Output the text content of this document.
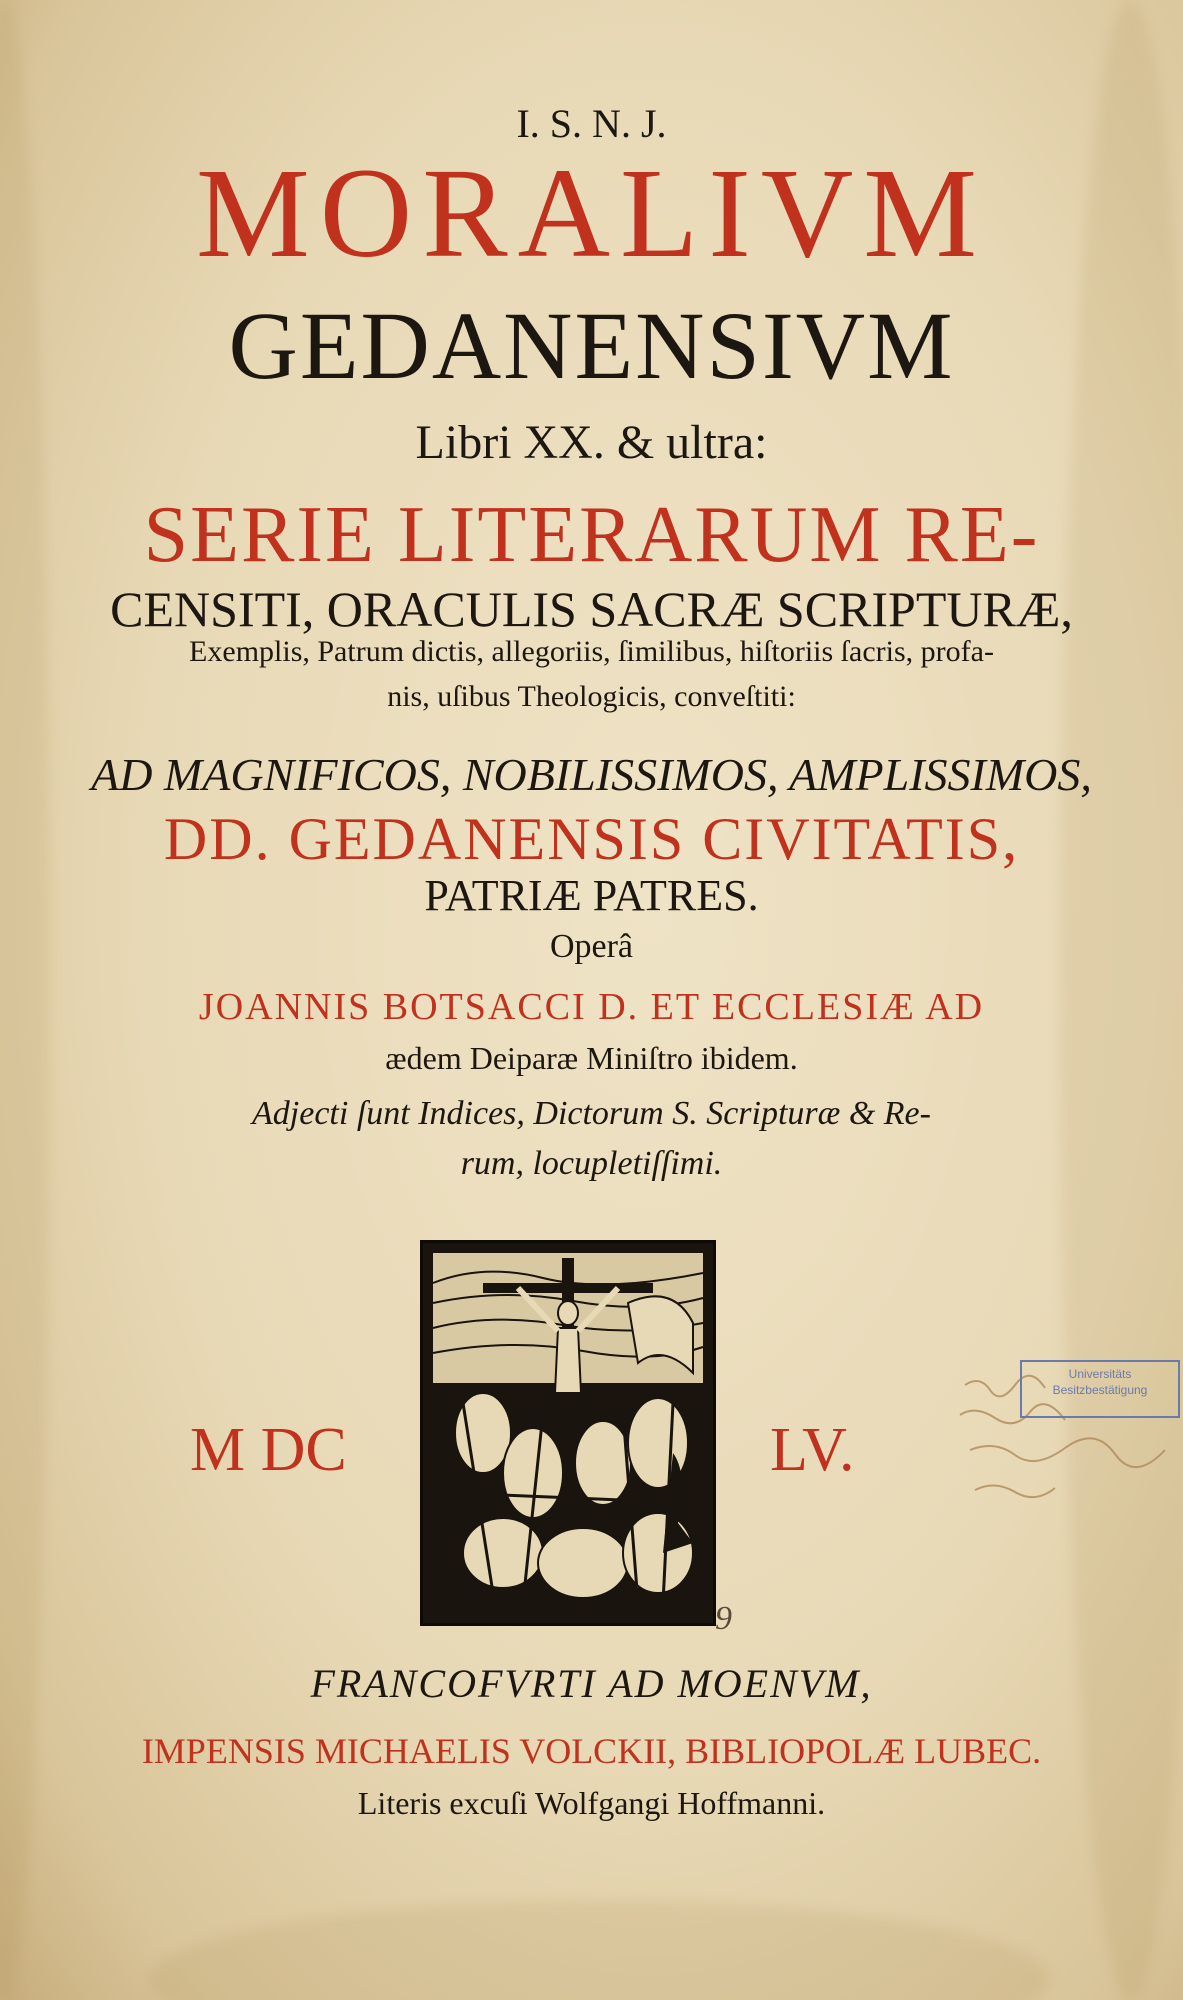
I. S. N. J.
MORALIVM
GEDANENSIVM
Libri XX. & ultra:
SERIE LITERARUM RE-
CENSITI, ORACULIS SACRÆ SCRIPTURÆ,
Exemplis, Patrum dictis, allegoriis, ſimilibus, hiſtoriis ſacris, profa-
nis, uſibus Theologicis, conveſtiti:
AD MAGNIFICOS, NOBILISSIMOS, AMPLISSIMOS,
DD. GEDANENSIS CIVITATIS,
PATRIÆ PATRES.
Operâ
JOANNIS BOTSACCI D. ET ECCLESIÆ AD
ædem Deiparæ Miniſtro ibidem.
Adjecti ſunt Indices, Dictorum S. Scripturæ & Re-
rum, locupletiſſimi.
M DC	LV.
Universitäts
Besitzbestätigung
9
FRANCOFVRTI AD MOENVM,
IMPENSIS MICHAELIS VOLCKII, BIBLIOPOLÆ LUBEC.
Literis excuſi Wolfgangi Hoffmanni.
